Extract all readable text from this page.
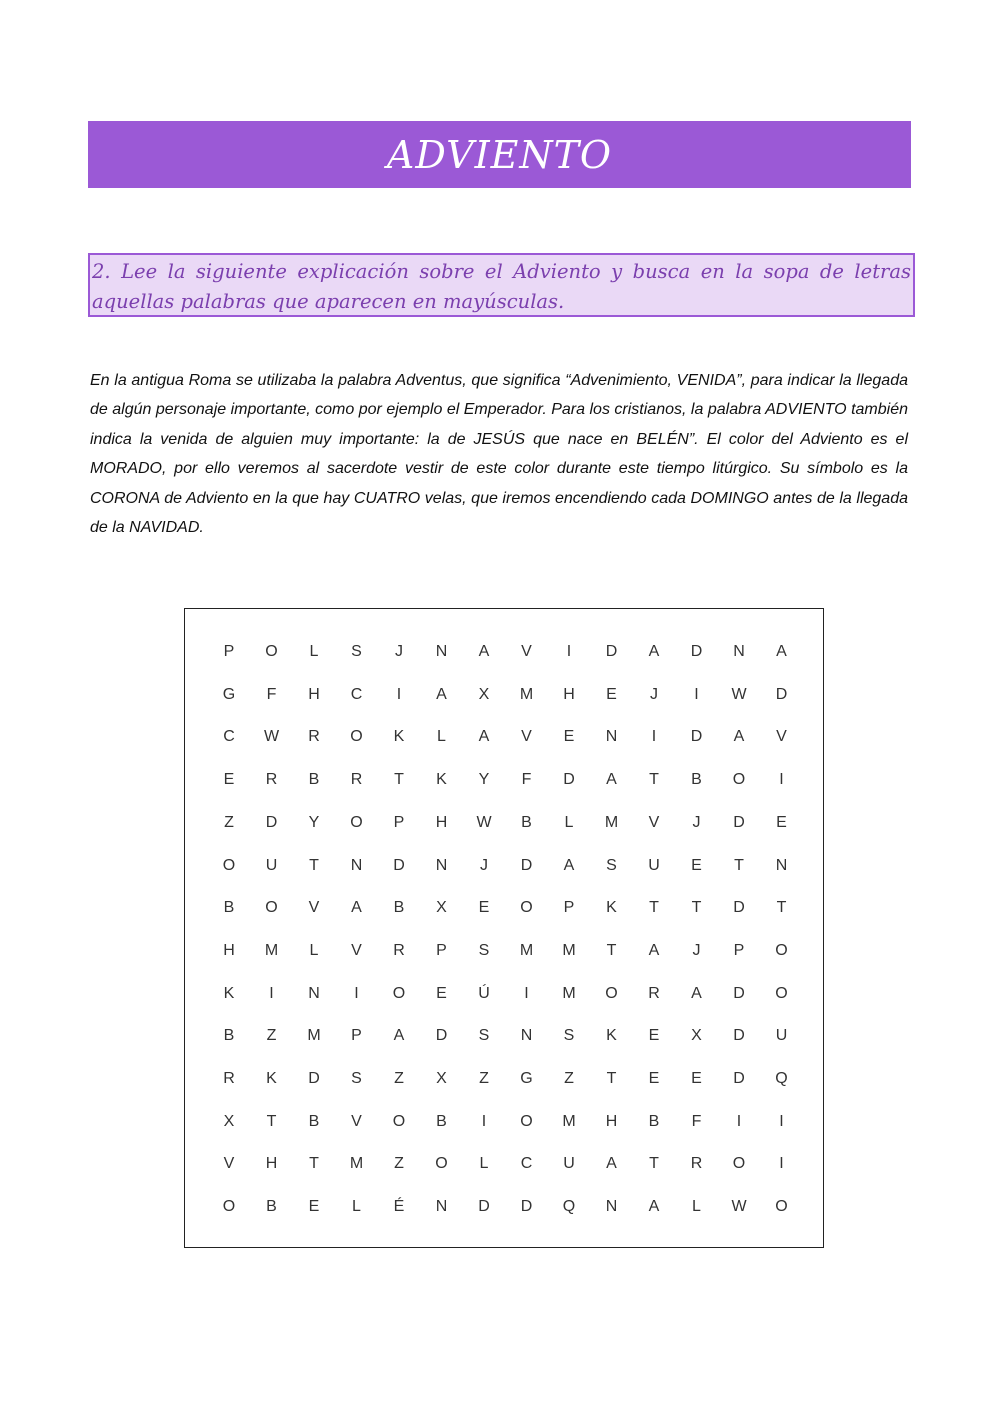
ADVIENTO

2. Lee la siguiente explicación sobre el Adviento y busca en la sopa de letras aquellas palabras que aparecen en mayúsculas.

En la antigua Roma se utilizaba la palabra Adventus, que significa “Advenimiento, VENIDA”, para indicar la llegada de algún personaje importante, como por ejemplo el Emperador. Para los cristianos, la palabra ADVIENTO también indica la venida de alguien muy importante: la de JESÚS que nace en BELÉN”. El color del Adviento es el MORADO, por ello veremos al sacerdote vestir de este color durante este tiempo litúrgico. Su símbolo es la CORONA de Adviento en la que hay CUATRO velas, que iremos encendiendo cada DOMINGO antes de la llegada de la NAVIDAD.

P	O	L	S	J	N	A	V	I	D	A	D	N	A
G	F	H	C	I	A	X	M	H	E	J	I	W	D
C	W	R	O	K	L	A	V	E	N	I	D	A	V
E	R	B	R	T	K	Y	F	D	A	T	B	O	I
Z	D	Y	O	P	H	W	B	L	M	V	J	D	E
O	U	T	N	D	N	J	D	A	S	U	E	T	N
B	O	V	A	B	X	E	O	P	K	T	T	D	T
H	M	L	V	R	P	S	M	M	T	A	J	P	O
K	I	N	I	O	E	Ú	I	M	O	R	A	D	O
B	Z	M	P	A	D	S	N	S	K	E	X	D	U
R	K	D	S	Z	X	Z	G	Z	T	E	E	D	Q
X	T	B	V	O	B	I	O	M	H	B	F	I	I
V	H	T	M	Z	O	L	C	U	A	T	R	O	I
O	B	E	L	É	N	D	D	Q	N	A	L	W	O
